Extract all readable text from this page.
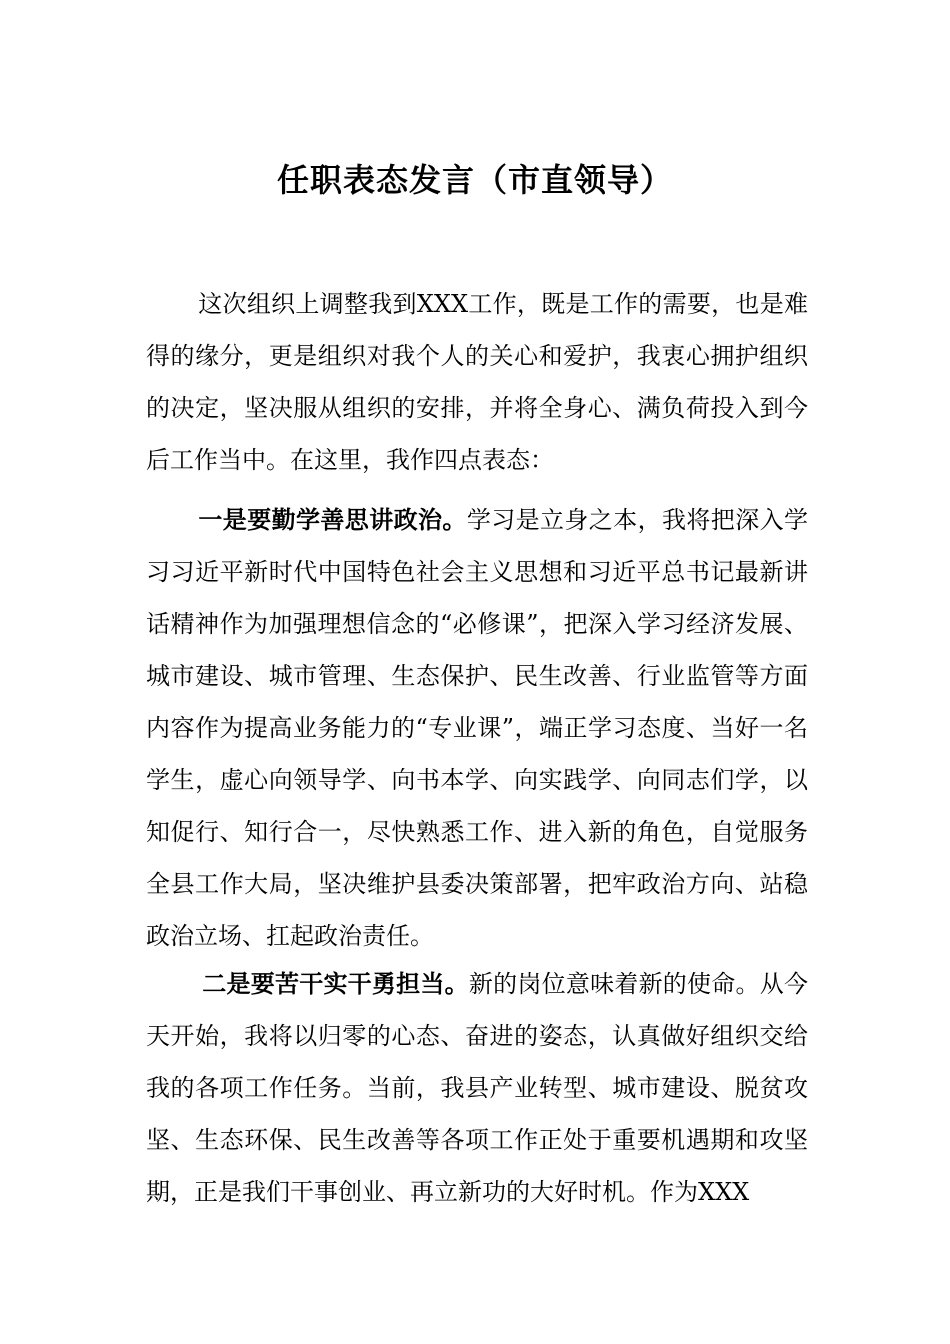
任职表态发言（市直领导）

这次组织上调整我到XXX工作，既是工作的需要，也是难得的缘分，更是组织对我个人的关心和爱护，我衷心拥护组织的决定，坚决服从组织的安排，并将全身心、满负荷投入到今后工作当中。在这里，我作四点表态：

一是要勤学善思讲政治。学习是立身之本，我将把深入学习习近平新时代中国特色社会主义思想和习近平总书记最新讲话精神作为加强理想信念的“必修课”，把深入学习经济发展、城市建设、城市管理、生态保护、民生改善、行业监管等方面内容作为提高业务能力的“专业课”，端正学习态度、当好一名学生，虚心向领导学、向书本学、向实践学、向同志们学，以知促行、知行合一，尽快熟悉工作、进入新的角色，自觉服务全县工作大局，坚决维护县委决策部署，把牢政治方向、站稳政治立场、扛起政治责任。

二是要苦干实干勇担当。新的岗位意味着新的使命。从今天开始，我将以归零的心态、奋进的姿态，认真做好组织交给我的各项工作任务。当前，我县产业转型、城市建设、脱贫攻坚、生态环保、民生改善等各项工作正处于重要机遇期和攻坚期，正是我们干事创业、再立新功的大好时机。作为XXX
